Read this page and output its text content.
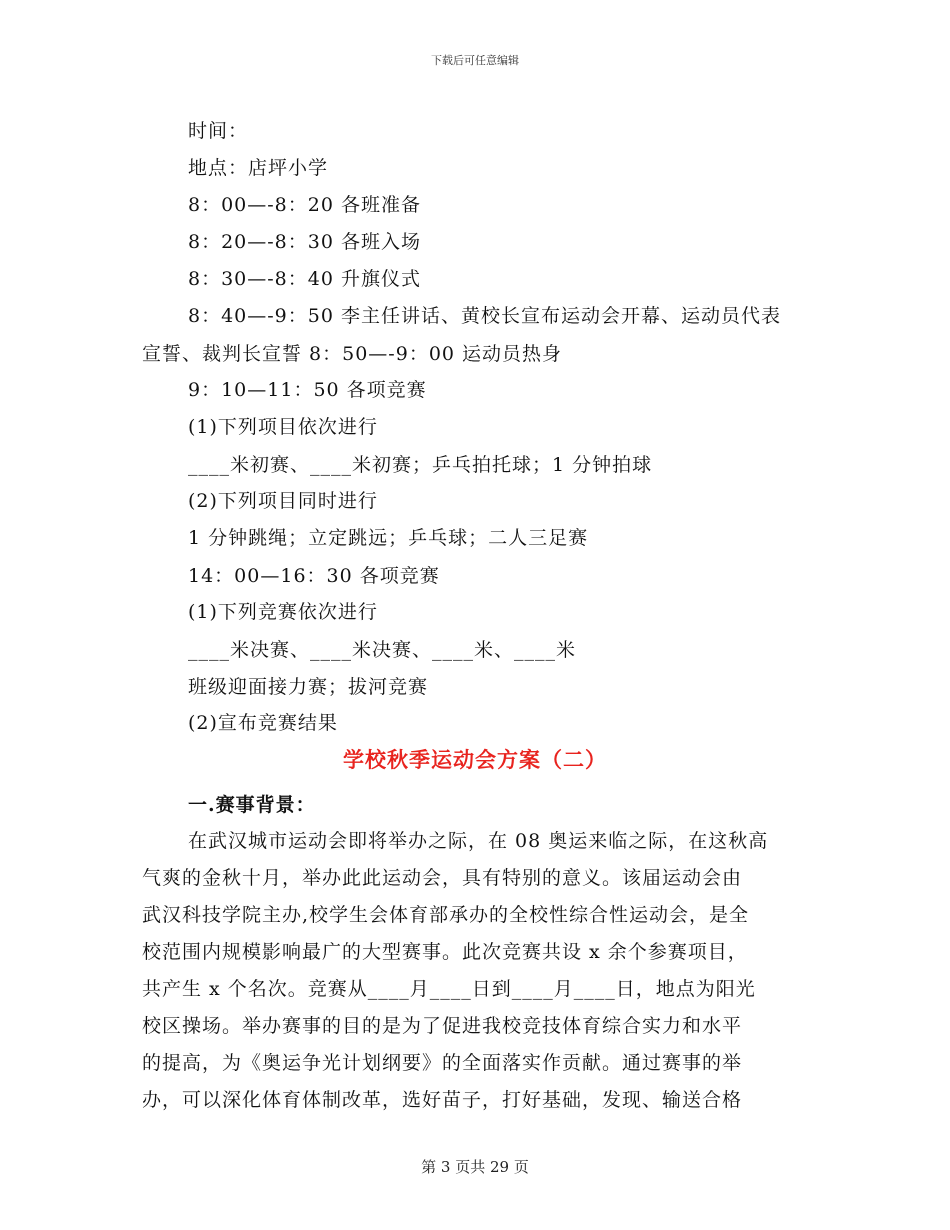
下载后可任意编辑
时间：
地点：店坪小学
8：00—-8：20 各班准备
8：20—-8：30 各班入场
8：30—-8：40 升旗仪式
8：40—-9：50 李主任讲话、黄校长宣布运动会开幕、运动员代表
宣誓、裁判长宣誓 8：50—-9：00 运动员热身
9：10—11：50 各项竞赛
(1)下列项目依次进行
____米初赛、____米初赛；乒乓拍托球；1 分钟拍球
(2)下列项目同时进行
1 分钟跳绳；立定跳远；乒乓球；二人三足赛
14：00—16：30 各项竞赛
(1)下列竞赛依次进行
____米决赛、____米决赛、____米、____米
班级迎面接力赛；拔河竞赛
(2)宣布竞赛结果
学校秋季运动会方案（二）
一.赛事背景：
在武汉城市运动会即将举办之际，在 08 奥运来临之际，在这秋高
气爽的金秋十月，举办此此运动会，具有特别的意义。该届运动会由
武汉科技学院主办,校学生会体育部承办的全校性综合性运动会，是全
校范围内规模影响最广的大型赛事。此次竞赛共设 x 余个参赛项目，
共产生 x 个名次。竞赛从____月____日到____月____日，地点为阳光
校区操场。举办赛事的目的是为了促进我校竞技体育综合实力和水平
的提高，为《奥运争光计划纲要》的全面落实作贡献。通过赛事的举
办，可以深化体育体制改革，选好苗子，打好基础，发现、输送合格
第 3 页共 29 页
